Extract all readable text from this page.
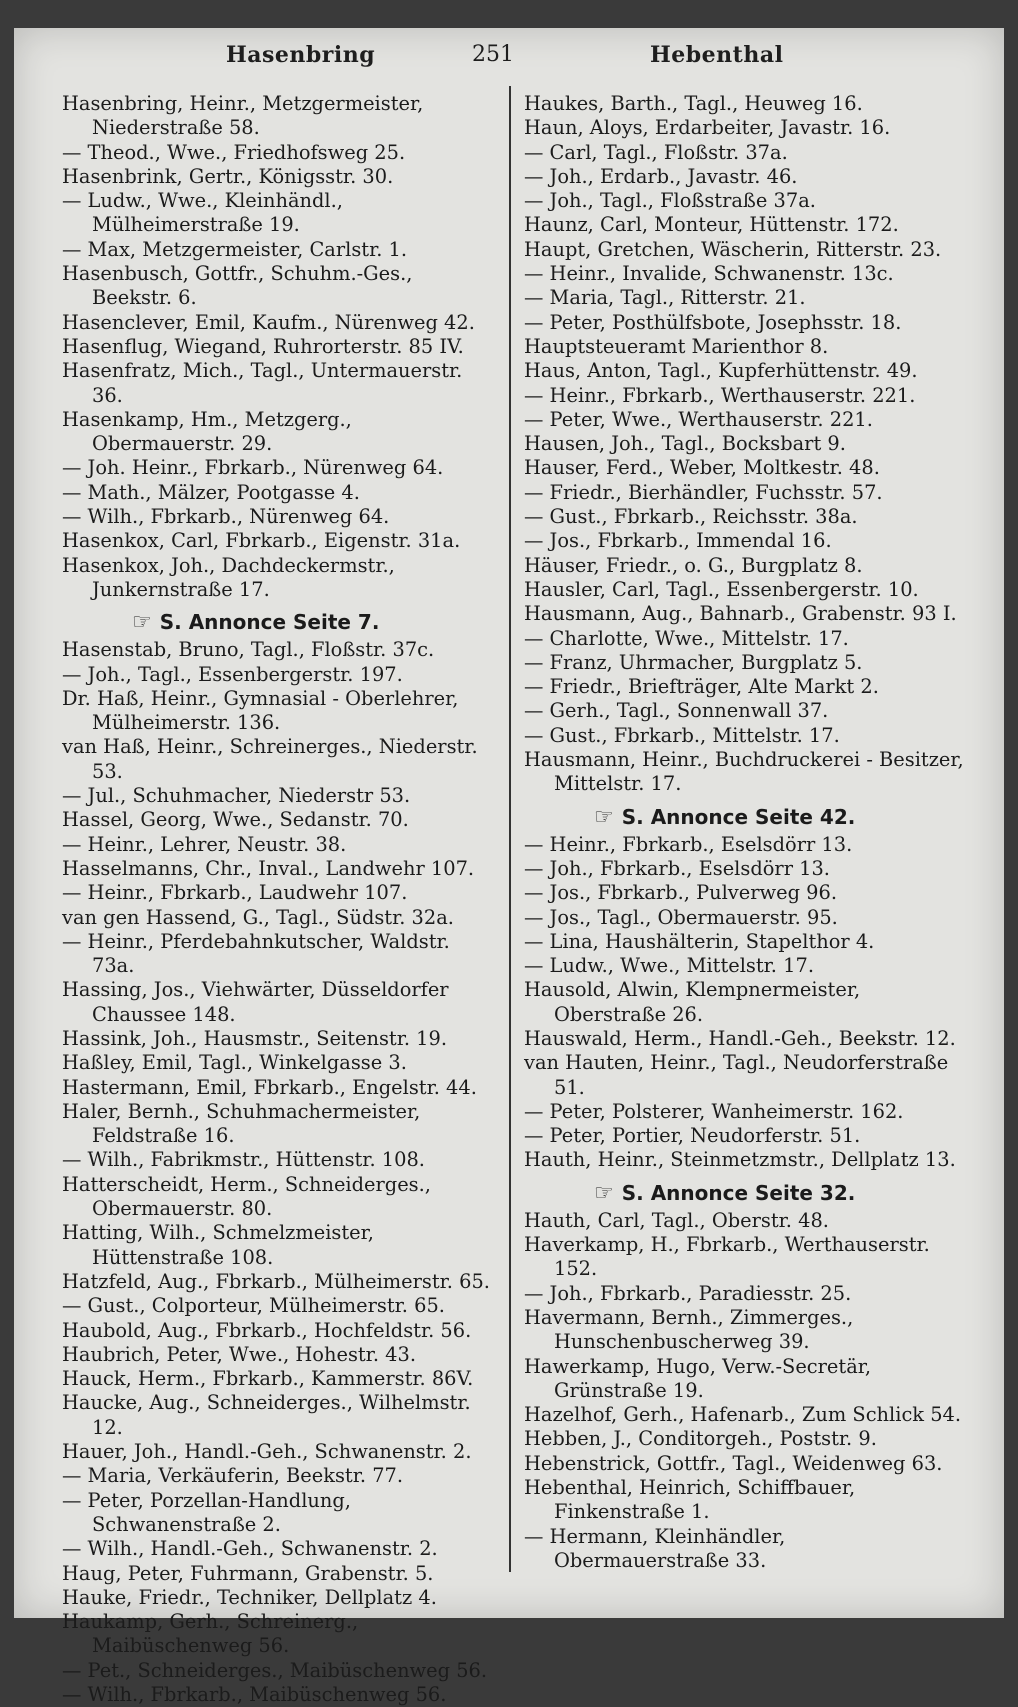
Hasenbring	251	Hebenthal

Hasenbring, Heinr., Metzgermeister, Niederstraße 58.

— Theod., Wwe., Friedhofsweg 25.

Hasenbrink, Gertr., Königsstr. 30.

— Ludw., Wwe., Kleinhändl., Mülheimerstraße 19.

— Max, Metzgermeister, Carlstr. 1.

Hasenbusch, Gottfr., Schuhm.-Ges., Beekstr. 6.

Hasenclever, Emil, Kaufm., Nürenweg 42.

Hasenflug, Wiegand, Ruhrorterstr. 85 IV.

Hasenfratz, Mich., Tagl., Untermauerstr. 36.

Hasenkamp, Hm., Metzgerg., Obermauerstr. 29.

— Joh. Heinr., Fbrkarb., Nürenweg 64.

— Math., Mälzer, Pootgasse 4.

— Wilh., Fbrkarb., Nürenweg 64.

Hasenkox, Carl, Fbrkarb., Eigenstr. 31a.

Hasenkox, Joh., Dachdeckermstr., Junkernstraße 17.

☞ S. Annonce Seite 7.

Hasenstab, Bruno, Tagl., Floßstr. 37c.

— Joh., Tagl., Essenbergerstr. 197.

Dr. Haß, Heinr., Gymnasial - Oberlehrer, Mülheimerstr. 136.

van Haß, Heinr., Schreinerges., Niederstr. 53.

— Jul., Schuhmacher, Niederstr 53.

Hassel, Georg, Wwe., Sedanstr. 70.

— Heinr., Lehrer, Neustr. 38.

Hasselmanns, Chr., Inval., Landwehr 107.

— Heinr., Fbrkarb., Laudwehr 107.

van gen Hassend, G., Tagl., Südstr. 32a.

— Heinr., Pferdebahnkutscher, Waldstr. 73a.

Hassing, Jos., Viehwärter, Düsseldorfer Chaussee 148.

Hassink, Joh., Hausmstr., Seitenstr. 19.

Haßley, Emil, Tagl., Winkelgasse 3.

Hastermann, Emil, Fbrkarb., Engelstr. 44.

Haler, Bernh., Schuhmachermeister, Feldstraße 16.

— Wilh., Fabrikmstr., Hüttenstr. 108.

Hatterscheidt, Herm., Schneiderges., Obermauerstr. 80.

Hatting, Wilh., Schmelzmeister, Hüttenstraße 108.

Hatzfeld, Aug., Fbrkarb., Mülheimerstr. 65.

— Gust., Colporteur, Mülheimerstr. 65.

Haubold, Aug., Fbrkarb., Hochfeldstr. 56.

Haubrich, Peter, Wwe., Hohestr. 43.

Hauck, Herm., Fbrkarb., Kammerstr. 86V.

Haucke, Aug., Schneiderges., Wilhelmstr. 12.

Hauer, Joh., Handl.-Geh., Schwanenstr. 2.

— Maria, Verkäuferin, Beekstr. 77.

— Peter, Porzellan-Handlung, Schwanenstraße 2.

— Wilh., Handl.-Geh., Schwanenstr. 2.

Haug, Peter, Fuhrmann, Grabenstr. 5.

Hauke, Friedr., Techniker, Dellplatz 4.

Haukamp, Gerh., Schreinerg., Maibüschenweg 56.

— Pet., Schneiderges., Maibüschenweg 56.

— Wilh., Fbrkarb., Maibüschenweg 56.

Haukes, Barth., Tagl., Heuweg 16.

Haun, Aloys, Erdarbeiter, Javastr. 16.

— Carl, Tagl., Floßstr. 37a.

— Joh., Erdarb., Javastr. 46.

— Joh., Tagl., Floßstraße 37a.

Haunz, Carl, Monteur, Hüttenstr. 172.

Haupt, Gretchen, Wäscherin, Ritterstr. 23.

— Heinr., Invalide, Schwanenstr. 13c.

— Maria, Tagl., Ritterstr. 21.

— Peter, Posthülfsbote, Josephsstr. 18.

Hauptsteueramt Marienthor 8.

Haus, Anton, Tagl., Kupferhüttenstr. 49.

— Heinr., Fbrkarb., Werthauserstr. 221.

— Peter, Wwe., Werthauserstr. 221.

Hausen, Joh., Tagl., Bocksbart 9.

Hauser, Ferd., Weber, Moltkestr. 48.

— Friedr., Bierhändler, Fuchsstr. 57.

— Gust., Fbrkarb., Reichsstr. 38a.

— Jos., Fbrkarb., Immendal 16.

Häuser, Friedr., o. G., Burgplatz 8.

Hausler, Carl, Tagl., Essenbergerstr. 10.

Hausmann, Aug., Bahnarb., Grabenstr. 93 I.

— Charlotte, Wwe., Mittelstr. 17.

— Franz, Uhrmacher, Burgplatz 5.

— Friedr., Briefträger, Alte Markt 2.

— Gerh., Tagl., Sonnenwall 37.

— Gust., Fbrkarb., Mittelstr. 17.

Hausmann, Heinr., Buchdruckerei - Besitzer, Mittelstr. 17.

☞ S. Annonce Seite 42.

— Heinr., Fbrkarb., Eselsdörr 13.

— Joh., Fbrkarb., Eselsdörr 13.

— Jos., Fbrkarb., Pulverweg 96.

— Jos., Tagl., Obermauerstr. 95.

— Lina, Haushälterin, Stapelthor 4.

— Ludw., Wwe., Mittelstr. 17.

Hausold, Alwin, Klempnermeister, Oberstraße 26.

Hauswald, Herm., Handl.-Geh., Beekstr. 12.

van Hauten, Heinr., Tagl., Neudorferstraße 51.

— Peter, Polsterer, Wanheimerstr. 162.

— Peter, Portier, Neudorferstr. 51.

Hauth, Heinr., Steinmetzmstr., Dellplatz 13.

☞ S. Annonce Seite 32.

Hauth, Carl, Tagl., Oberstr. 48.

Haverkamp, H., Fbrkarb., Werthauserstr. 152.

— Joh., Fbrkarb., Paradiesstr. 25.

Havermann, Bernh., Zimmerges., Hunschenbuscherweg 39.

Hawerkamp, Hugo, Verw.-Secretär, Grünstraße 19.

Hazelhof, Gerh., Hafenarb., Zum Schlick 54.

Hebben, J., Conditorgeh., Poststr. 9.

Hebenstrick, Gottfr., Tagl., Weidenweg 63.

Hebenthal, Heinrich, Schiffbauer, Finkenstraße 1.

— Hermann, Kleinhändler, Obermauerstraße 33.
